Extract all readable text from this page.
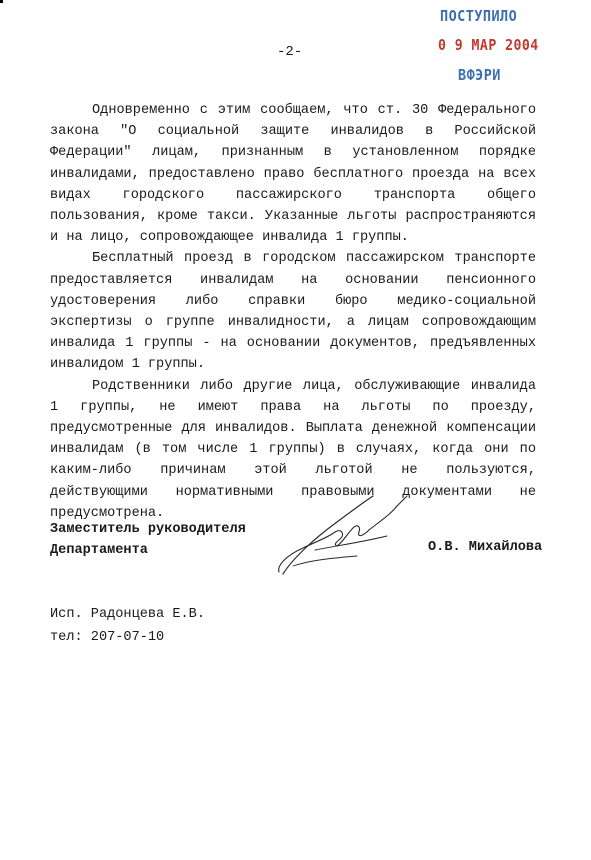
ПОСТУПИЛО
0 9 МАР 2004
ВФЭРИ
-2-

Одновременно с этим сообщаем, что ст. 30 Федерального закона "О социальной защите инвалидов в Российской Федерации" лицам, признанным в установленном порядке инвалидами, предоставлено право бесплатного проезда на всех видах городского пассажирского транспорта общего пользования, кроме такси. Указанные льготы распространяются и на лицо, сопровождающее инвалида 1 группы.

Бесплатный проезд в городском пассажирском транспорте предоставляется инвалидам на основании пенсионного удостоверения либо справки бюро медико-социальной экспертизы о группе инвалидности, а лицам сопровождающим инвалида 1 группы - на основании документов, предъявленных инвалидом 1 группы.

Родственники либо другие лица, обслуживающие инвалида 1 группы, не имеют права на льготы по проезду, предусмотренные для инвалидов. Выплата денежной компенсации инвалидам (в том числе 1 группы) в случаях, когда они по каким-либо причинам этой льготой не пользуются, действующими нормативными правовыми документами не предусмотрена.

Заместитель руководителя
Департамента	О.В. Михайлова
Исп. Радонцева Е.В.
тел: 207-07-10
